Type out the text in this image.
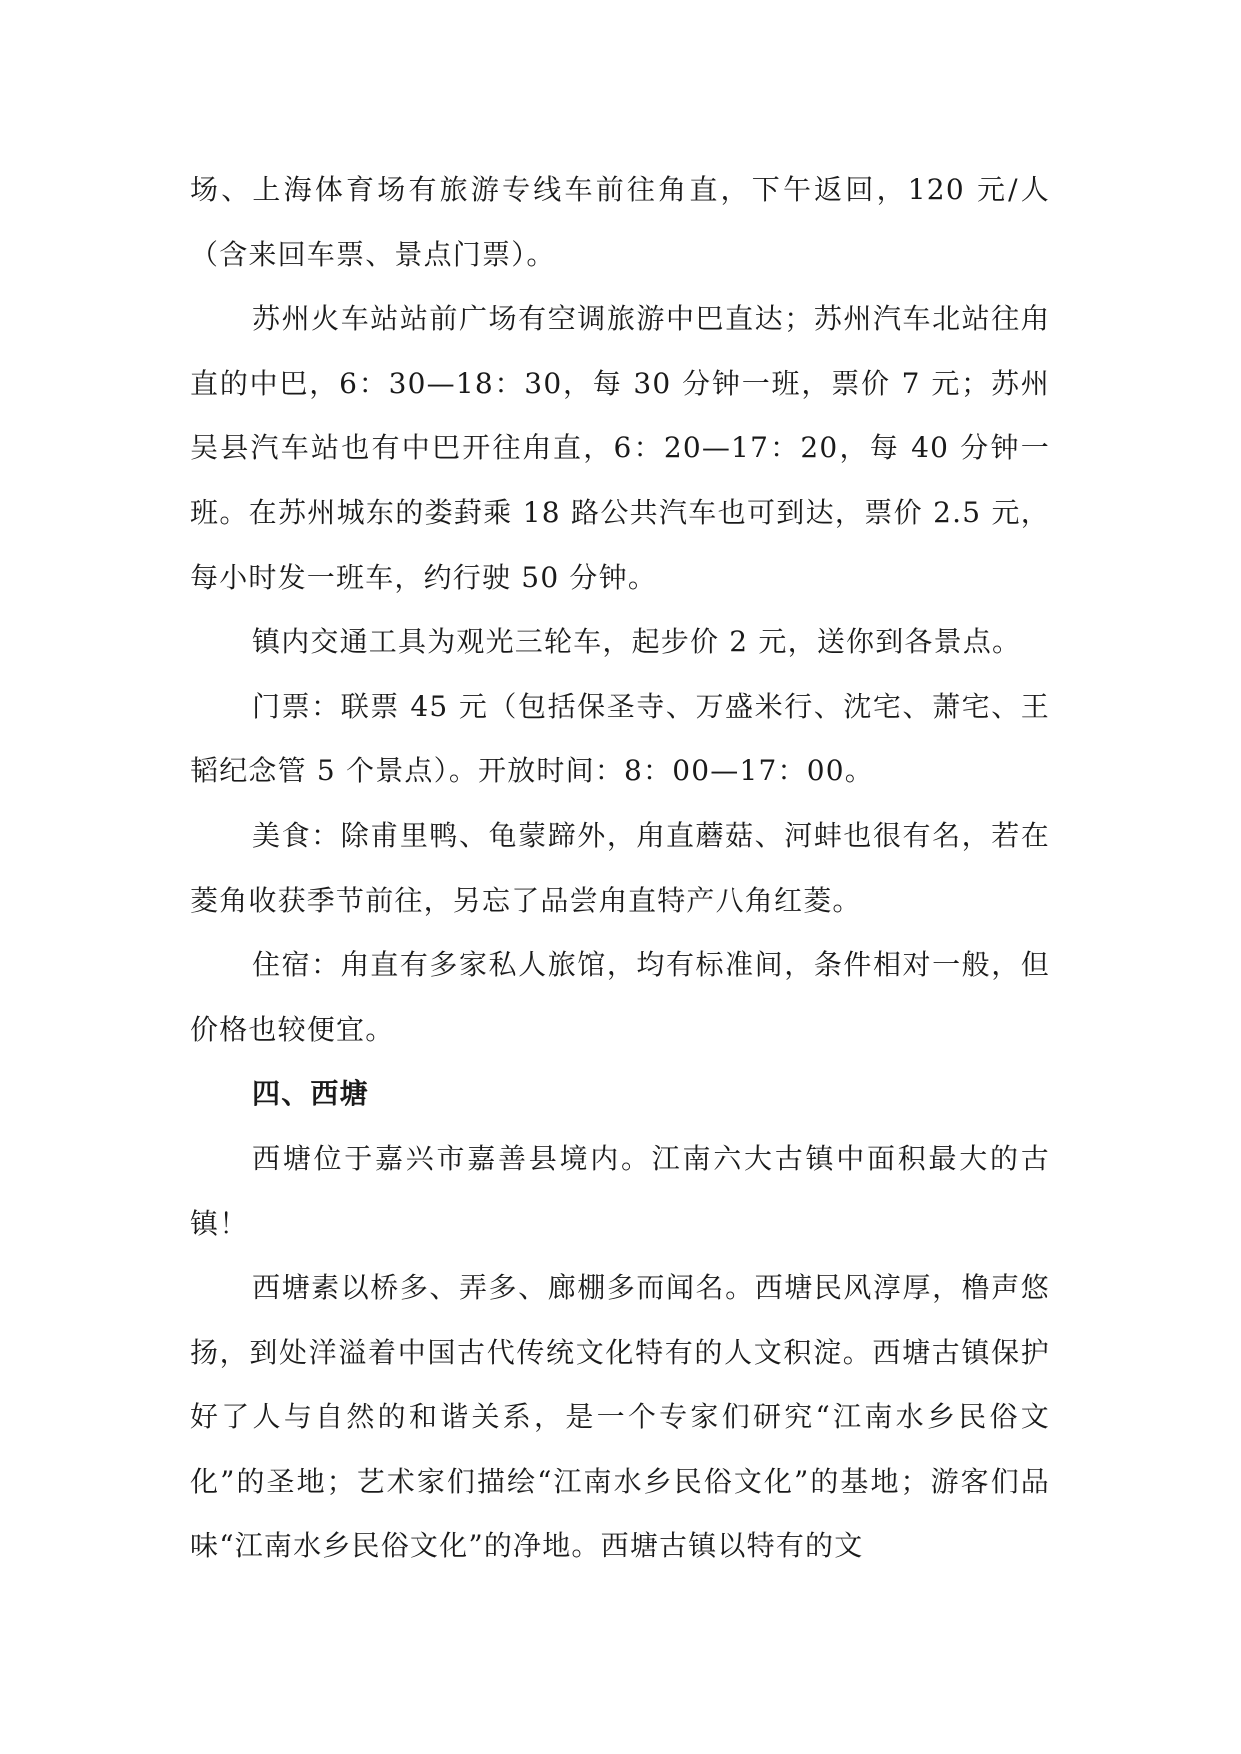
场、上海体育场有旅游专线车前往角直，下午返回，120 元/人（含来回车票、景点门票）。

苏州火车站站前广场有空调旅游中巴直达；苏州汽车北站往甪直的中巴，6：30—18：30，每 30 分钟一班，票价 7 元；苏州吴县汽车站也有中巴开往甪直，6：20—17：20，每 40 分钟一班。在苏州城东的娄葑乘 18 路公共汽车也可到达，票价 2.5 元，每小时发一班车，约行驶 50 分钟。

镇内交通工具为观光三轮车，起步价 2 元，送你到各景点。

门票：联票 45 元（包括保圣寺、万盛米行、沈宅、萧宅、王韬纪念管 5 个景点）。开放时间：8：00—17：00。

美食：除甫里鸭、龟蒙蹄外，甪直蘑菇、河蚌也很有名，若在菱角收获季节前往，另忘了品尝甪直特产八角红菱。

住宿：甪直有多家私人旅馆，均有标准间，条件相对一般，但价格也较便宜。

四、西塘

西塘位于嘉兴市嘉善县境内。江南六大古镇中面积最大的古镇！

西塘素以桥多、弄多、廊棚多而闻名。西塘民风淳厚，橹声悠扬，到处洋溢着中国古代传统文化特有的人文积淀。西塘古镇保护好了人与自然的和谐关系，是一个专家们研究“江南水乡民俗文化”的圣地；艺术家们描绘“江南水乡民俗文化”的基地；游客们品味“江南水乡民俗文化”的净地。西塘古镇以特有的文
